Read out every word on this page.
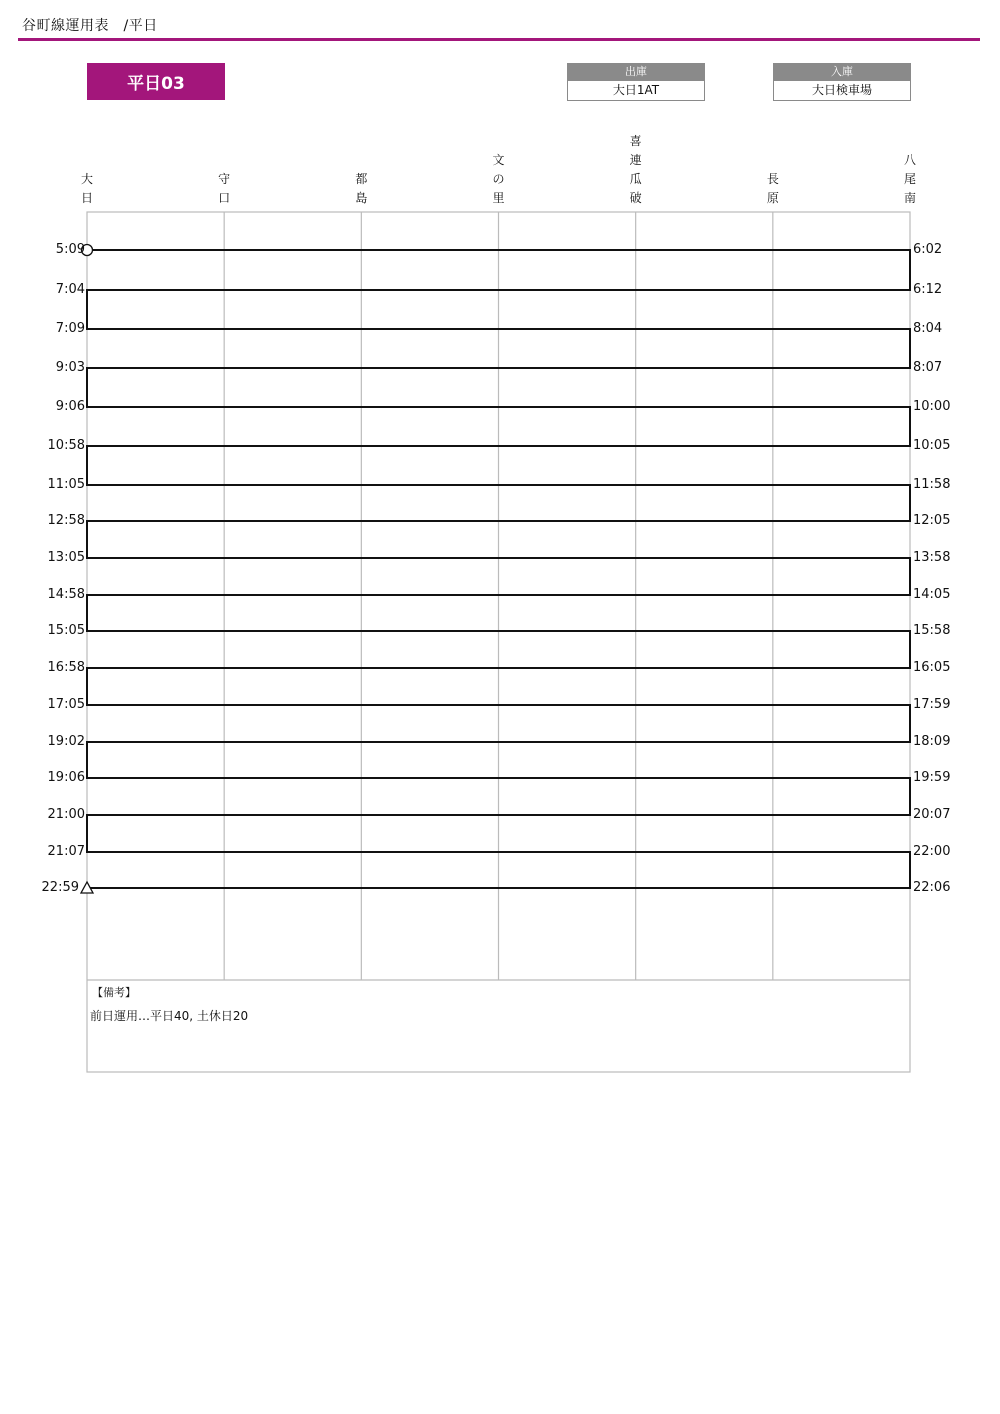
谷町線運用表　/平日
平日03
出庫
大日1AT
入庫
大日検車場
大
日
守
口
都
島
文
の
里
喜
連
瓜
破
長
原
八
尾
南
5:09
7:04
7:09
9:03
9:06
10:58
11:05
12:58
13:05
14:58
15:05
16:58
17:05
19:02
19:06
21:00
21:07
22:59
6:02
6:12
8:04
8:07
10:00
10:05
11:58
12:05
13:58
14:05
15:58
16:05
17:59
18:09
19:59
20:07
22:00
22:06
【備考】
前日運用…平日40, 土休日20
